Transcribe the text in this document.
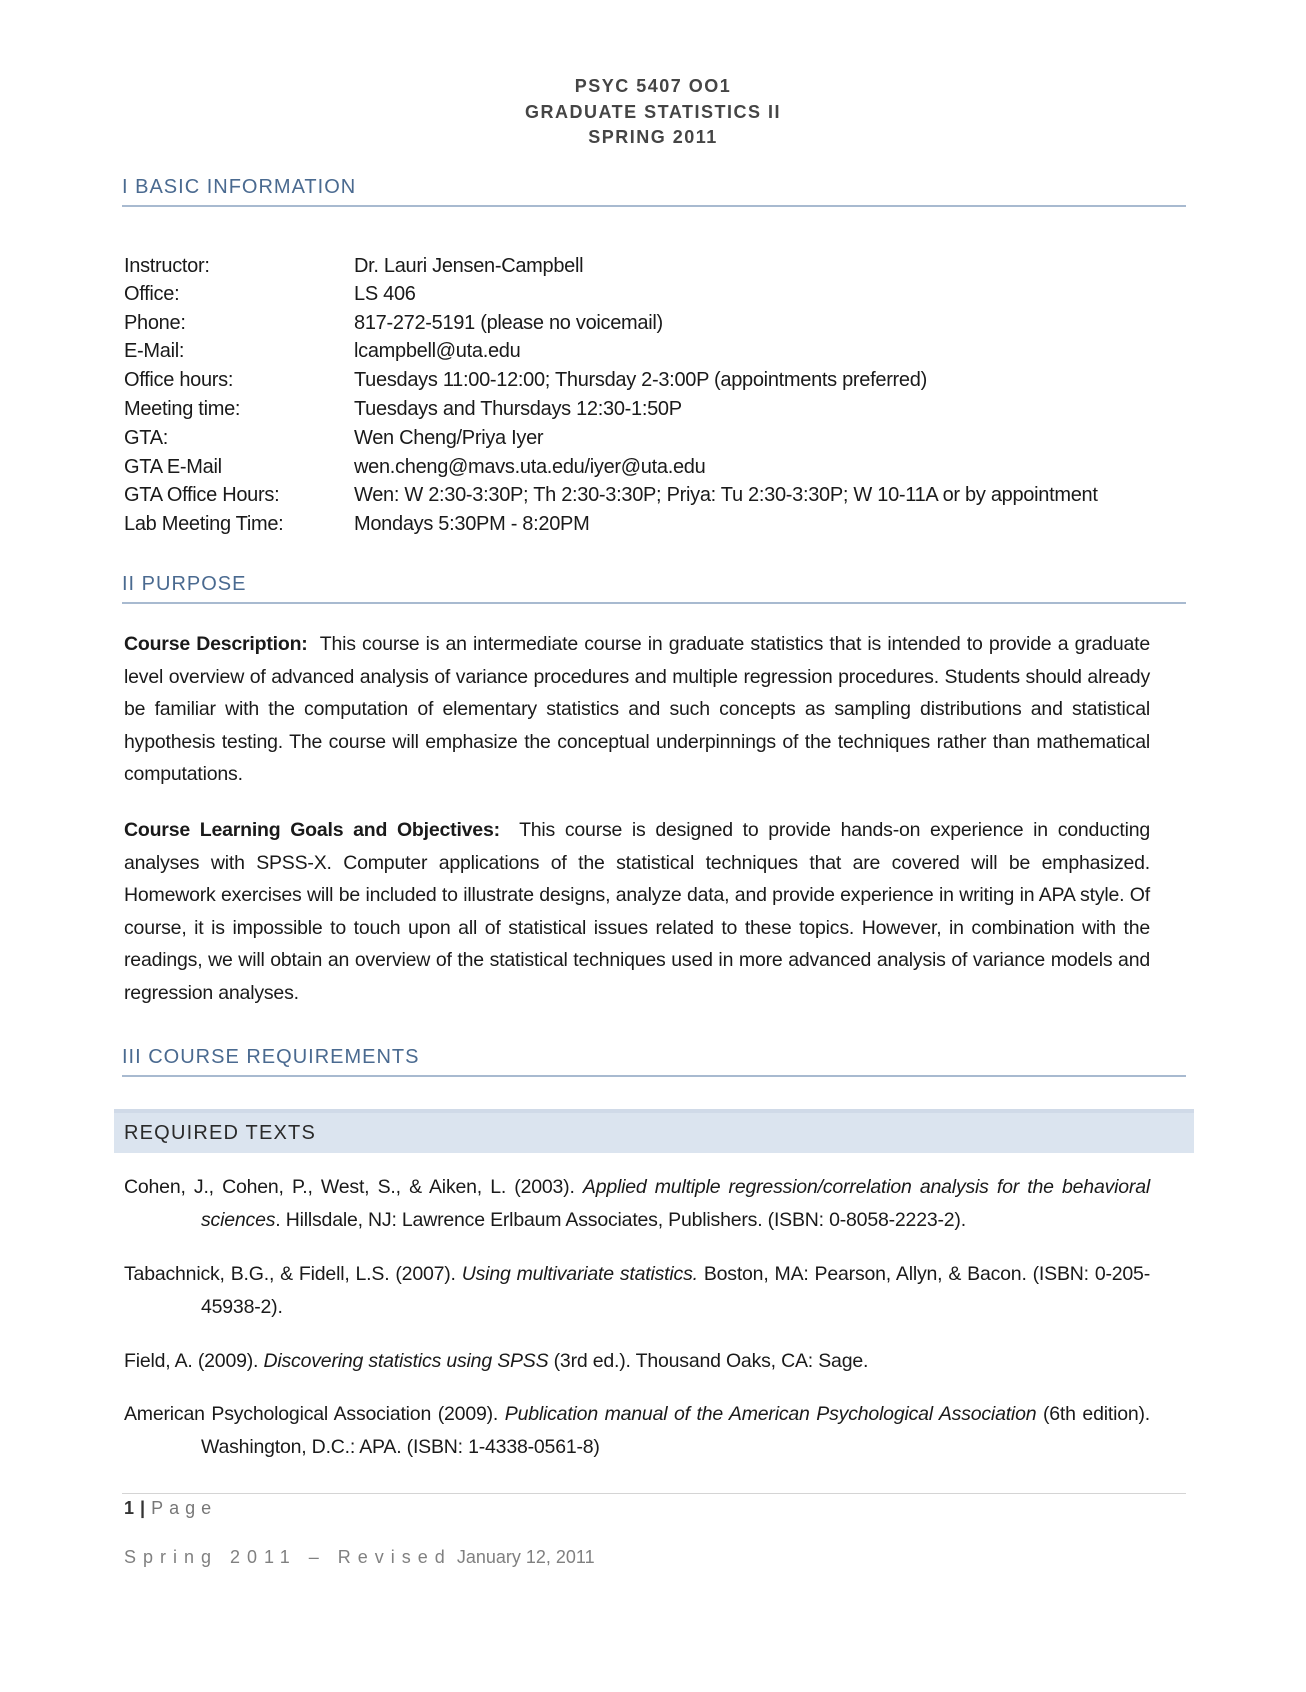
PSYC 5407 OO1
GRADUATE STATISTICS II
SPRING 2011
I BASIC INFORMATION
Instructor:	Dr. Lauri Jensen-Campbell
Office:	LS 406
Phone:	817-272-5191 (please no voicemail)
E-Mail:	lcampbell@uta.edu
Office hours:	Tuesdays 11:00-12:00; Thursday 2-3:00P (appointments preferred)
Meeting time:	Tuesdays and Thursdays 12:30-1:50P
GTA:	Wen Cheng/Priya Iyer
GTA E-Mail	wen.cheng@mavs.uta.edu/iyer@uta.edu
GTA Office Hours:	Wen: W 2:30-3:30P; Th 2:30-3:30P; Priya: Tu 2:30-3:30P; W 10-11A or by appointment
Lab Meeting Time:	Mondays 5:30PM - 8:20PM
II PURPOSE
Course Description: This course is an intermediate course in graduate statistics that is intended to provide a graduate level overview of advanced analysis of variance procedures and multiple regression procedures. Students should already be familiar with the computation of elementary statistics and such concepts as sampling distributions and statistical hypothesis testing. The course will emphasize the conceptual underpinnings of the techniques rather than mathematical computations.
Course Learning Goals and Objectives: This course is designed to provide hands-on experience in conducting analyses with SPSS-X. Computer applications of the statistical techniques that are covered will be emphasized. Homework exercises will be included to illustrate designs, analyze data, and provide experience in writing in APA style. Of course, it is impossible to touch upon all of statistical issues related to these topics. However, in combination with the readings, we will obtain an overview of the statistical techniques used in more advanced analysis of variance models and regression analyses.
III COURSE REQUIREMENTS
REQUIRED TEXTS
Cohen, J., Cohen, P., West, S., & Aiken, L. (2003). Applied multiple regression/correlation analysis for the behavioral sciences. Hillsdale, NJ: Lawrence Erlbaum Associates, Publishers. (ISBN: 0-8058-2223-2).
Tabachnick, B.G., & Fidell, L.S. (2007). Using multivariate statistics. Boston, MA: Pearson, Allyn, & Bacon. (ISBN: 0-205-45938-2).
Field, A. (2009). Discovering statistics using SPSS (3rd ed.). Thousand Oaks, CA: Sage.
American Psychological Association (2009). Publication manual of the American Psychological Association (6th edition). Washington, D.C.: APA. (ISBN: 1-4338-0561-8)
1 | Page
Spring 2011 – Revised January 12, 2011
